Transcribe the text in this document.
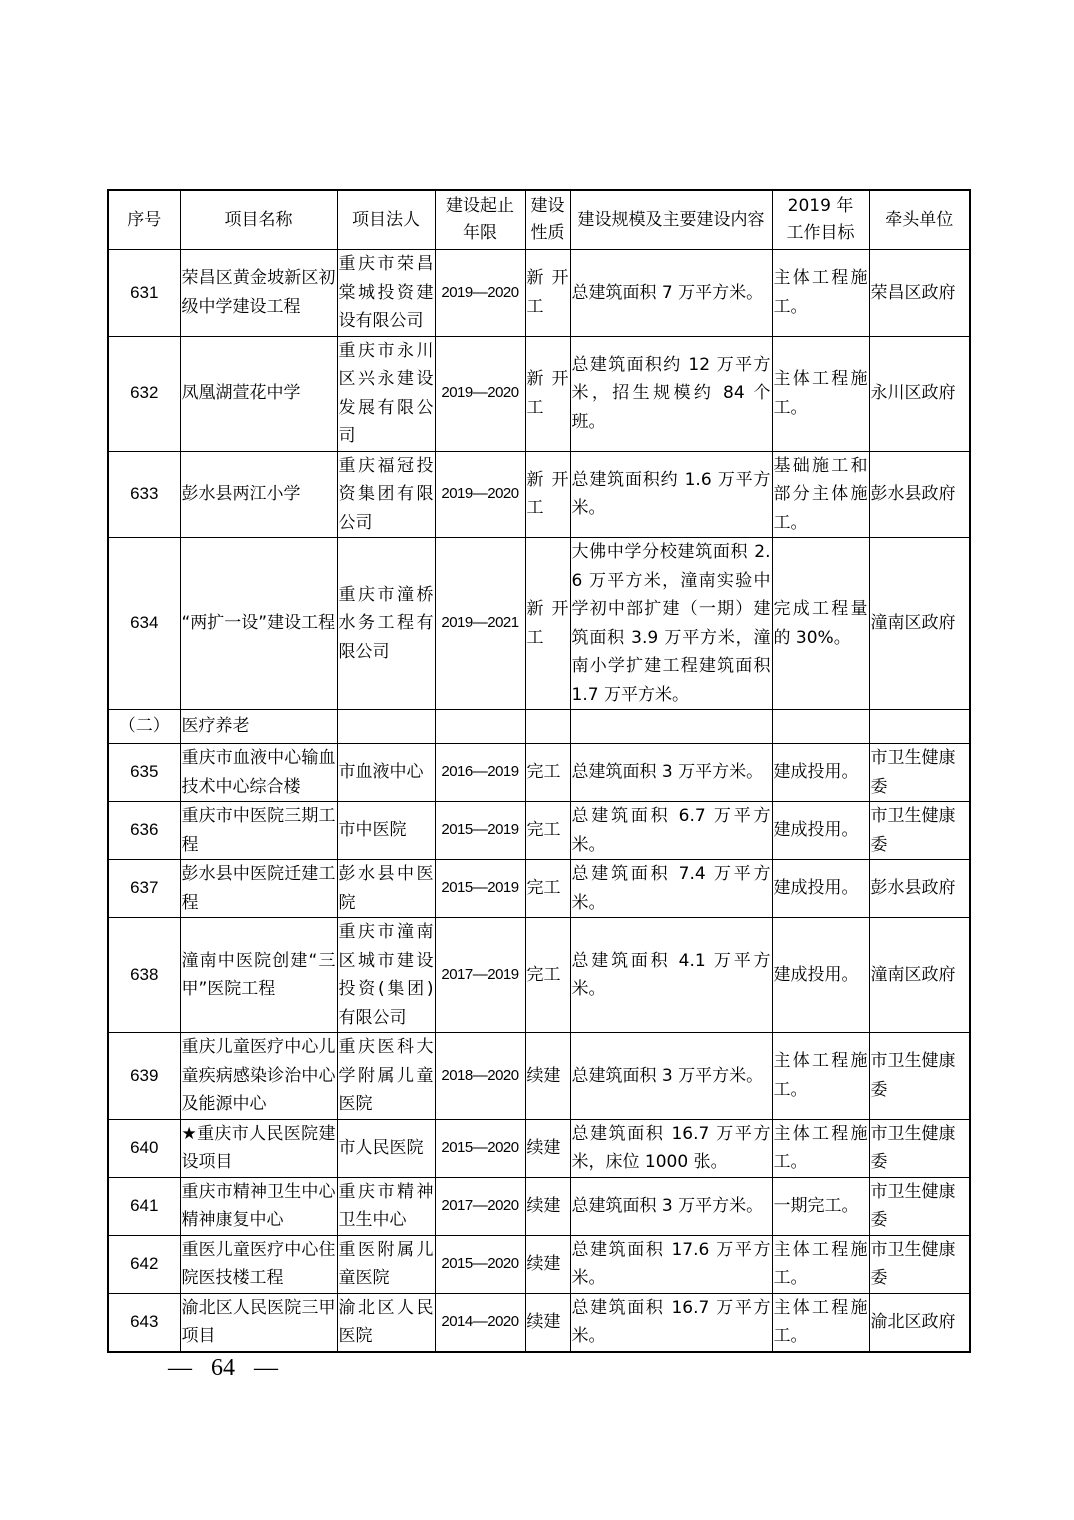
序号	项目名称	项目法人	建设起止年限	建设性质	建设规模及主要建设内容	2019 年工作目标	牵头单位
631	荣昌区黄金坡新区初级中学建设工程	重庆市荣昌棠城投资建设有限公司	2019—2020	新开工	总建筑面积 7 万平方米。	主体工程施工。	荣昌区政府
632	凤凰湖萱花中学	重庆市永川区兴永建设发展有限公司	2019—2020	新开工	总建筑面积约 12 万平方米，招生规模约 84 个班。	主体工程施工。	永川区政府
633	彭水县两江小学	重庆福冠投资集团有限公司	2019—2020	新开工	总建筑面积约 1.6 万平方米。	基础施工和部分主体施工。	彭水县政府
634	“两扩一设”建设工程	重庆市潼桥水务工程有限公司	2019—2021	新开工	大佛中学分校建筑面积 2.6 万平方米，潼南实验中学初中部扩建（一期）建筑面积 3.9 万平方米，潼南小学扩建工程建筑面积 1.7 万平方米。	完成工程量的 30%。	潼南区政府
（二）	医疗养老						
635	重庆市血液中心输血技术中心综合楼	市血液中心	2016—2019	完工	总建筑面积 3 万平方米。	建成投用。	市卫生健康委
636	重庆市中医院三期工程	市中医院	2015—2019	完工	总建筑面积 6.7 万平方米。	建成投用。	市卫生健康委
637	彭水县中医院迁建工程	彭水县中医院	2015—2019	完工	总建筑面积 7.4 万平方米。	建成投用。	彭水县政府
638	潼南中医院创建“三甲”医院工程	重庆市潼南区城市建设投资(集团)有限公司	2017—2019	完工	总建筑面积 4.1 万平方米。	建成投用。	潼南区政府
639	重庆儿童医疗中心儿童疾病感染诊治中心及能源中心	重庆医科大学附属儿童医院	2018—2020	续建	总建筑面积 3 万平方米。	主体工程施工。	市卫生健康委
640	★重庆市人民医院建设项目	市人民医院	2015—2020	续建	总建筑面积 16.7 万平方米，床位 1000 张。	主体工程施工。	市卫生健康委
641	重庆市精神卫生中心精神康复中心	重庆市精神卫生中心	2017—2020	续建	总建筑面积 3 万平方米。	一期完工。	市卫生健康委
642	重医儿童医疗中心住院医技楼工程	重医附属儿童医院	2015—2020	续建	总建筑面积 17.6 万平方米。	主体工程施工。	市卫生健康委
643	渝北区人民医院三甲项目	渝北区人民医院	2014—2020	续建	总建筑面积 16.7 万平方米。	主体工程施工。	渝北区政府
— 64 —
